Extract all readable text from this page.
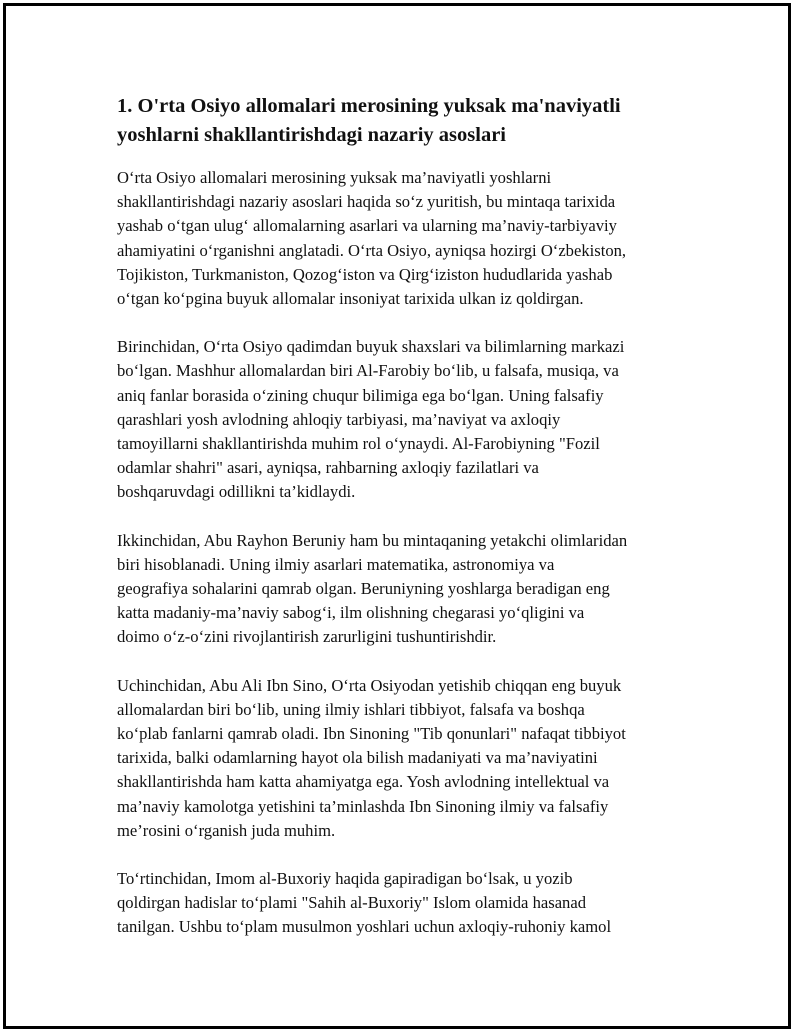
1. O'rta Osiyo allomalari merosining yuksak ma'naviyatli
yoshlarni shakllantirishdagi nazariy asoslari

O‘rta Osiyo allomalari merosining yuksak ma’naviyatli yoshlarni
shakllantirishdagi nazariy asoslari haqida so‘z yuritish, bu mintaqa tarixida
yashab o‘tgan ulug‘ allomalarning asarlari va ularning ma’naviy-tarbiyaviy
ahamiyatini o‘rganishni anglatadi. O‘rta Osiyo, ayniqsa hozirgi O‘zbekiston,
Tojikiston, Turkmaniston, Qozog‘iston va Qirg‘iziston hududlarida yashab
o‘tgan ko‘pgina buyuk allomalar insoniyat tarixida ulkan iz qoldirgan.

Birinchidan, O‘rta Osiyo qadimdan buyuk shaxslari va bilimlarning markazi
bo‘lgan. Mashhur allomalardan biri Al-Farobiy bo‘lib, u falsafa, musiqa, va
aniq fanlar borasida o‘zining chuqur bilimiga ega bo‘lgan. Uning falsafiy
qarashlari yosh avlodning ahloqiy tarbiyasi, ma’naviyat va axloqiy
tamoyillarni shakllantirishda muhim rol o‘ynaydi. Al-Farobiyning "Fozil
odamlar shahri" asari, ayniqsa, rahbarning axloqiy fazilatlari va
boshqaruvdagi odillikni ta’kidlaydi.

Ikkinchidan, Abu Rayhon Beruniy ham bu mintaqaning yetakchi olimlaridan
biri hisoblanadi. Uning ilmiy asarlari matematika, astronomiya va
geografiya sohalarini qamrab olgan. Beruniyning yoshlarga beradigan eng
katta madaniy-ma’naviy sabog‘i, ilm olishning chegarasi yo‘qligini va
doimo o‘z-o‘zini rivojlantirish zarurligini tushuntirishdir.

Uchinchidan, Abu Ali Ibn Sino, O‘rta Osiyodan yetishib chiqqan eng buyuk
allomalardan biri bo‘lib, uning ilmiy ishlari tibbiyot, falsafa va boshqa
ko‘plab fanlarni qamrab oladi. Ibn Sinoning "Tib qonunlari" nafaqat tibbiyot
tarixida, balki odamlarning hayot ola bilish madaniyati va ma’naviyatini
shakllantirishda ham katta ahamiyatga ega. Yosh avlodning intellektual va
ma’naviy kamolotga yetishini ta’minlashda Ibn Sinoning ilmiy va falsafiy
me’rosini o‘rganish juda muhim.

To‘rtinchidan, Imom al-Buxoriy haqida gapiradigan bo‘lsak, u yozib
qoldirgan hadislar to‘plami "Sahih al-Buxoriy" Islom olamida hasanad
tanilgan. Ushbu to‘plam musulmon yoshlari uchun axloqiy-ruhoniy kamol
